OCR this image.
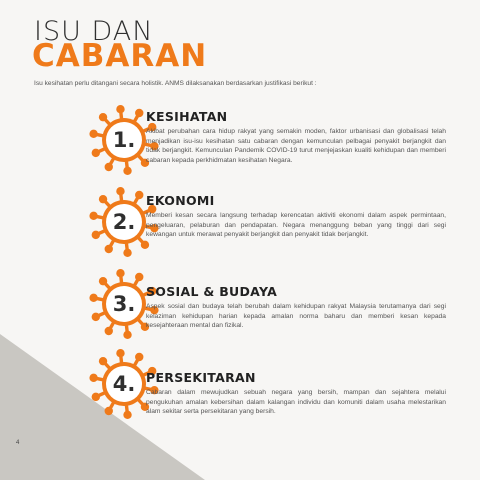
ISU DAN
CABARAN
Isu kesihatan perlu ditangani secara holistik. ANMS dilaksanakan berdasarkan justifikasi berikut :
1.
KESIHATAN
Akibat perubahan cara hidup rakyat yang semakin moden, faktor urbanisasi dan globalisasi telah menjadikan isu-isu kesihatan satu cabaran dengan kemunculan pelbagai penyakit berjangkit dan tidak berjangkit. Kemunculan Pandemik COVID-19 turut menjejaskan kualiti kehidupan dan memberi cabaran kepada perkhidmatan kesihatan Negara.
2.
EKONOMI
Memberi kesan secara langsung terhadap kerencatan aktiviti ekonomi dalam aspek permintaan, pengeluaran, pelaburan dan pendapatan. Negara menanggung beban yang tinggi dari segi kewangan untuk merawat penyakit berjangkit dan penyakit tidak berjangkit.
3.
SOSIAL & BUDAYA
Aspek sosial dan budaya telah berubah dalam kehidupan rakyat Malaysia terutamanya dari segi kelaziman kehidupan harian kepada amalan norma baharu dan memberi kesan kepada kesejahteraan mental dan fizikal.
4. PERSEKITARAN
Cabaran dalam mewujudkan sebuah negara yang bersih, mampan dan sejahtera melalui pengukuhan amalan kebersihan dalam kalangan individu dan komuniti dalam usaha melestarikan alam sekitar serta persekitaran yang bersih.
4
